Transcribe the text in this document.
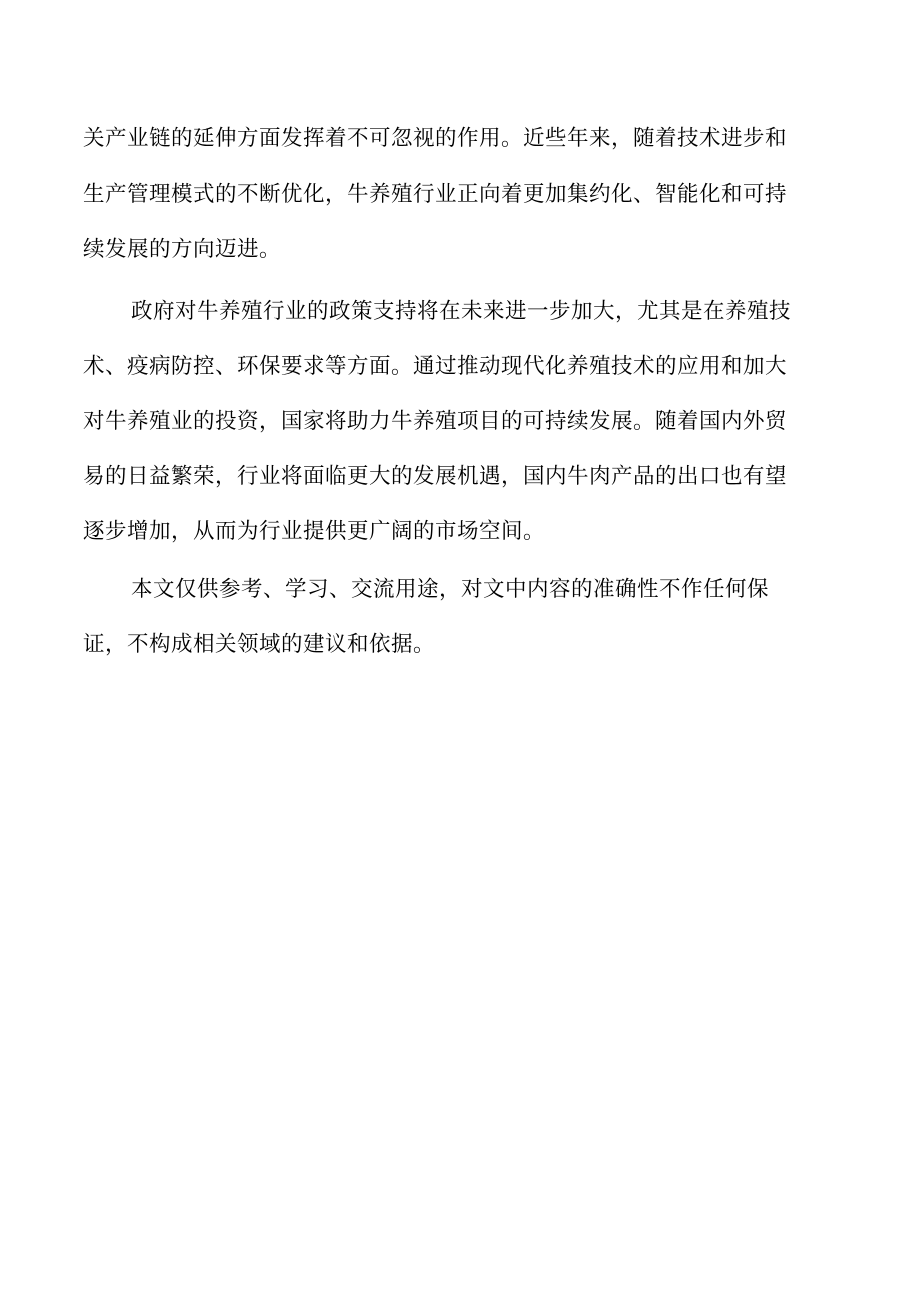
关产业链的延伸方面发挥着不可忽视的作用。近些年来，随着技术进步和
生产管理模式的不断优化，牛养殖行业正向着更加集约化、智能化和可持
续发展的方向迈进。
政府对牛养殖行业的政策支持将在未来进一步加大，尤其是在养殖技
术、疫病防控、环保要求等方面。通过推动现代化养殖技术的应用和加大
对牛养殖业的投资，国家将助力牛养殖项目的可持续发展。随着国内外贸
易的日益繁荣，行业将面临更大的发展机遇，国内牛肉产品的出口也有望
逐步增加，从而为行业提供更广阔的市场空间。
本文仅供参考、学习、交流用途，对文中内容的准确性不作任何保
证，不构成相关领域的建议和依据。
